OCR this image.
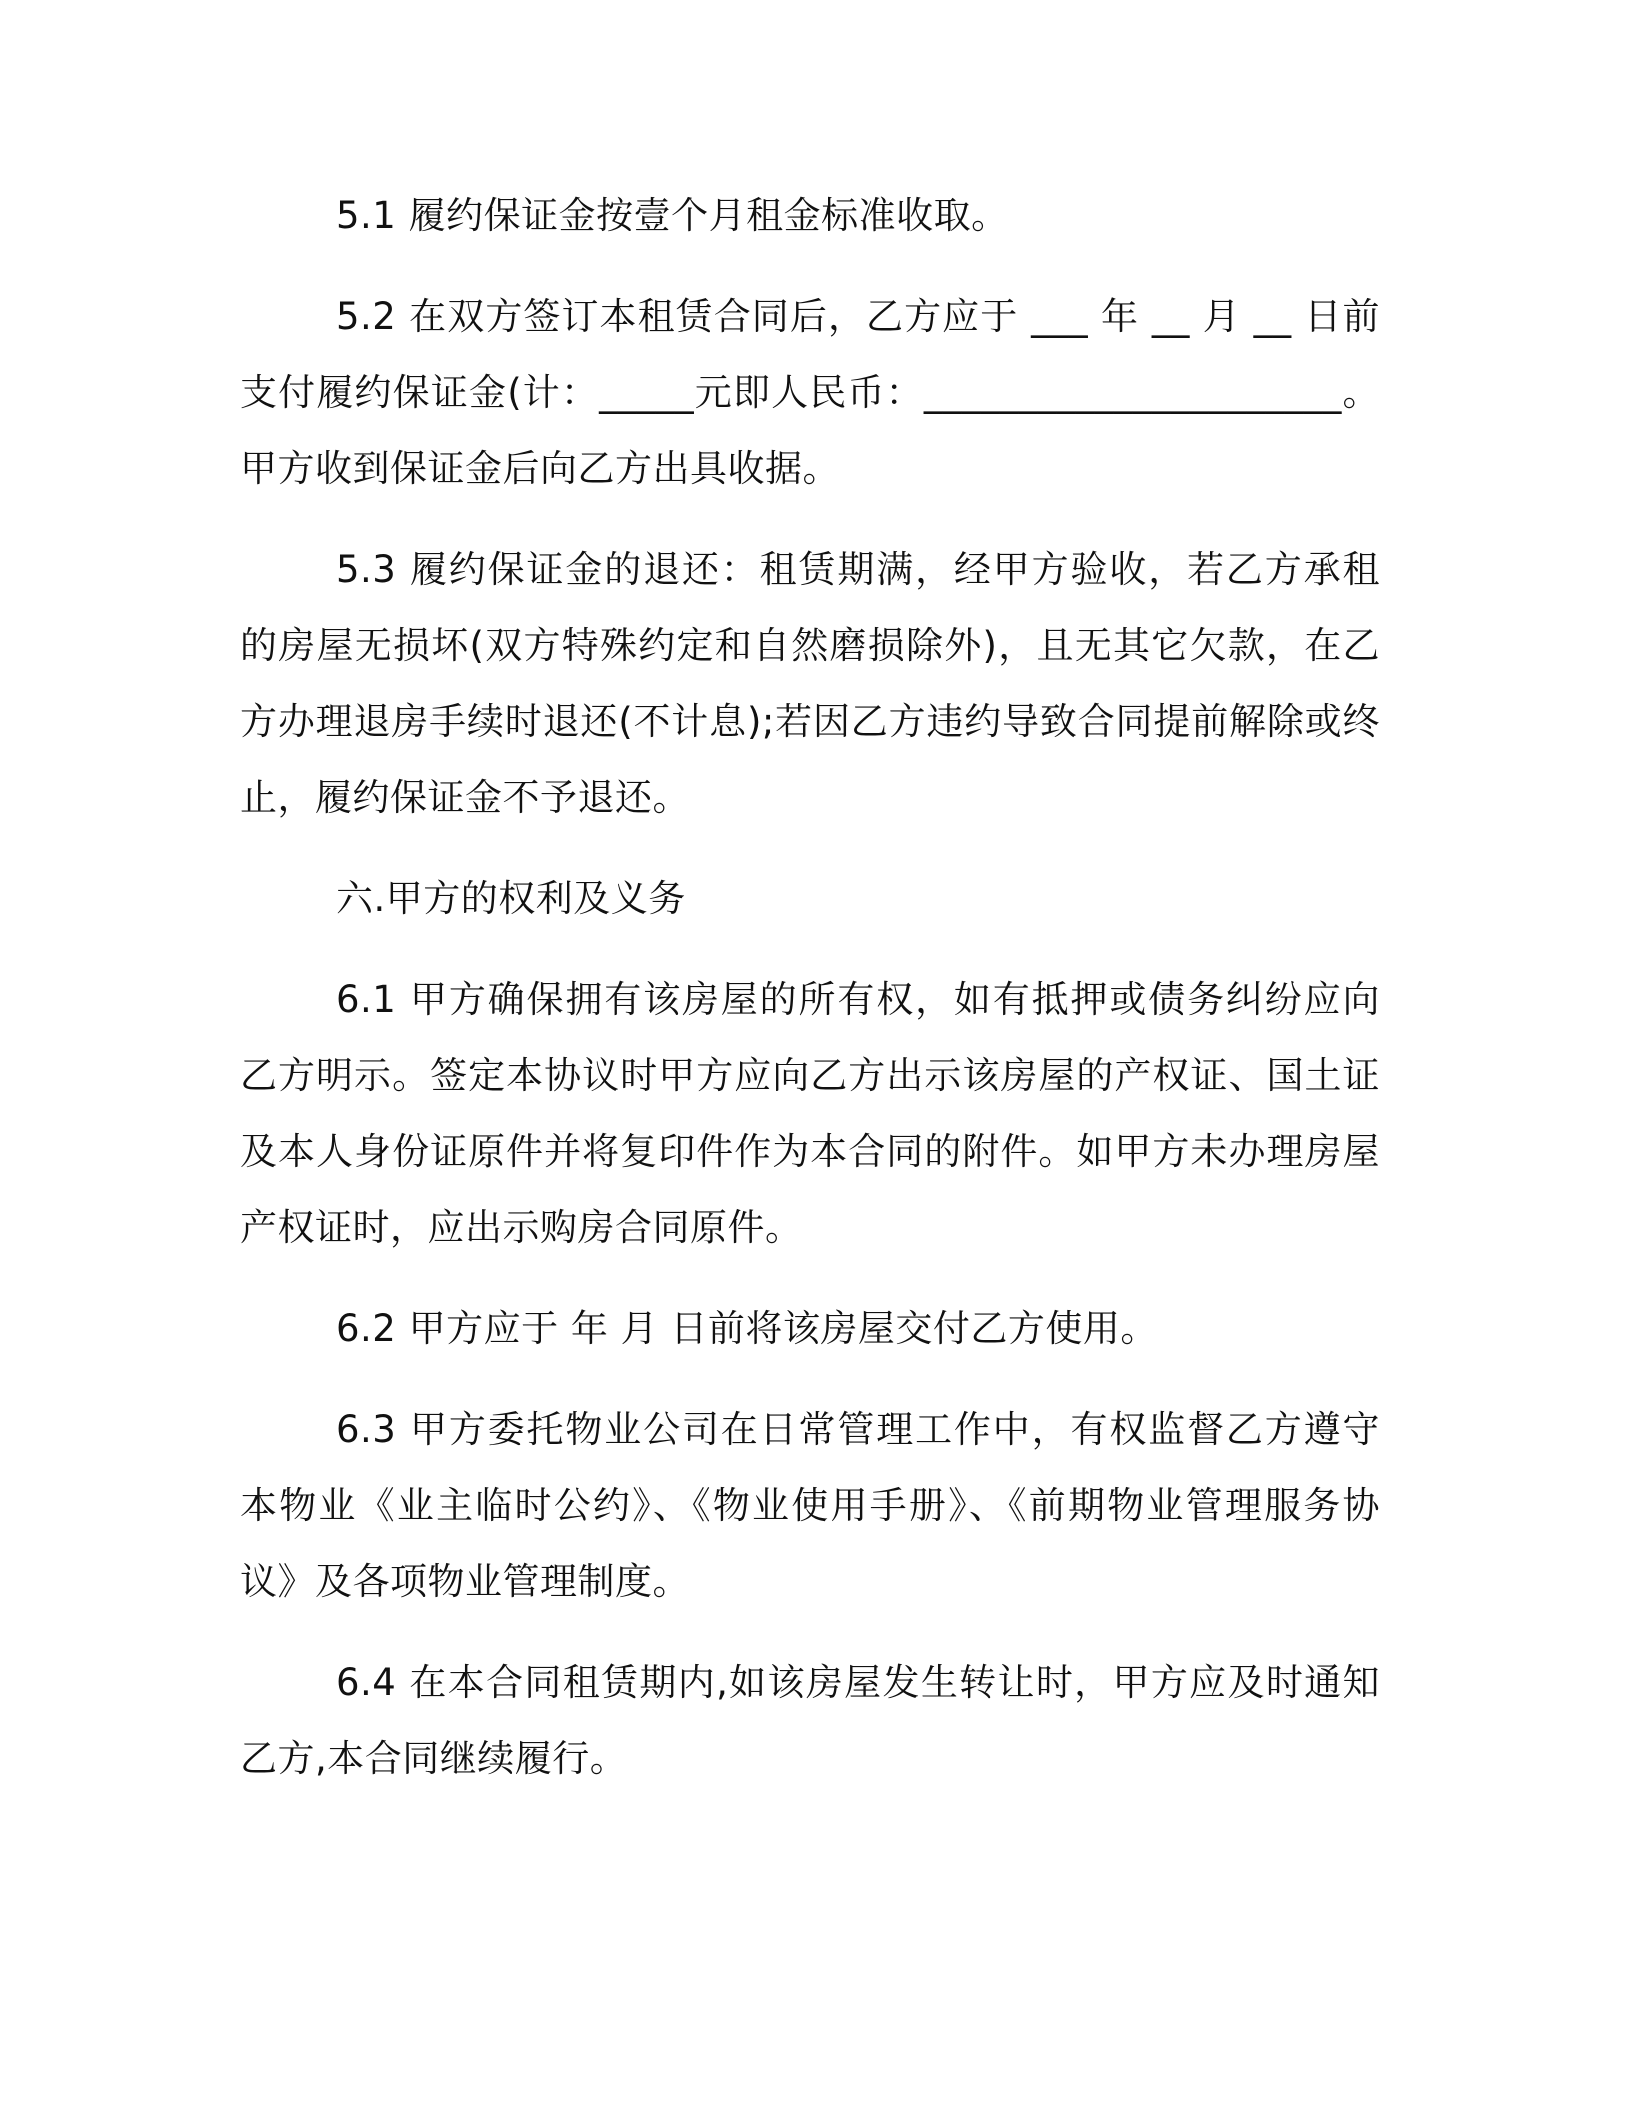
5.1 履约保证金按壹个月租金标准收取。

5.2 在双方签订本租赁合同后，乙方应于 ___ 年 __ 月 __ 日前支付履约保证金(计：_____元即人民币：______________________。甲方收到保证金后向乙方出具收据。

5.3 履约保证金的退还：租赁期满，经甲方验收，若乙方承租的房屋无损坏(双方特殊约定和自然磨损除外)，且无其它欠款，在乙方办理退房手续时退还(不计息);若因乙方违约导致合同提前解除或终止，履约保证金不予退还。

六.甲方的权利及义务

6.1 甲方确保拥有该房屋的所有权，如有抵押或债务纠纷应向乙方明示。签定本协议时甲方应向乙方出示该房屋的产权证、国土证及本人身份证原件并将复印件作为本合同的附件。如甲方未办理房屋产权证时，应出示购房合同原件。

6.2 甲方应于 年 月 日前将该房屋交付乙方使用。

6.3 甲方委托物业公司在日常管理工作中，有权监督乙方遵守本物业《业主临时公约》、《物业使用手册》、《前期物业管理服务协议》及各项物业管理制度。

6.4 在本合同租赁期内,如该房屋发生转让时，甲方应及时通知乙方,本合同继续履行。
